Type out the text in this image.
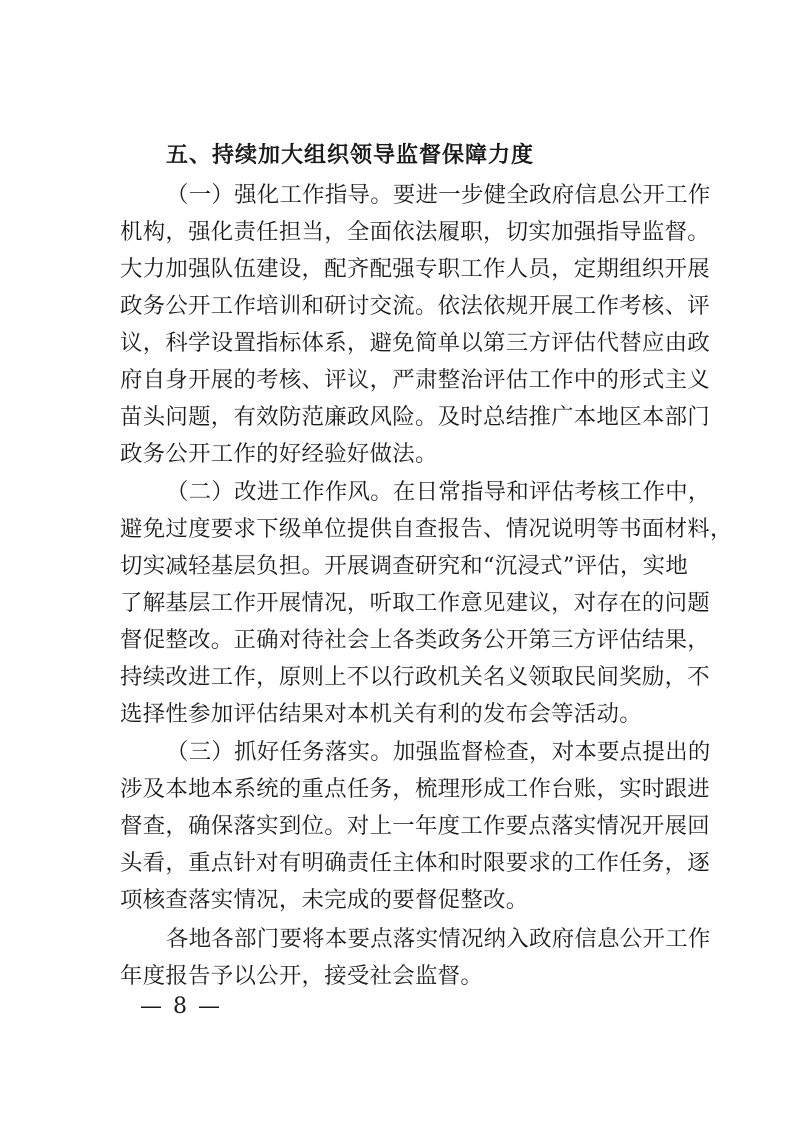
五、持续加大组织领导监督保障力度
（一）强化工作指导。要进一步健全政府信息公开工作
机构，强化责任担当，全面依法履职，切实加强指导监督。
大力加强队伍建设，配齐配强专职工作人员，定期组织开展
政务公开工作培训和研讨交流。依法依规开展工作考核、评
议，科学设置指标体系，避免简单以第三方评估代替应由政
府自身开展的考核、评议，严肃整治评估工作中的形式主义
苗头问题，有效防范廉政风险。及时总结推广本地区本部门
政务公开工作的好经验好做法。
（二）改进工作作风。在日常指导和评估考核工作中，
避免过度要求下级单位提供自查报告、情况说明等书面材料，
切实减轻基层负担。开展调查研究和“沉浸式”评估，实地
了解基层工作开展情况，听取工作意见建议，对存在的问题
督促整改。正确对待社会上各类政务公开第三方评估结果，
持续改进工作，原则上不以行政机关名义领取民间奖励，不
选择性参加评估结果对本机关有利的发布会等活动。
（三）抓好任务落实。加强监督检查，对本要点提出的
涉及本地本系统的重点任务，梳理形成工作台账，实时跟进
督查，确保落实到位。对上一年度工作要点落实情况开展回
头看，重点针对有明确责任主体和时限要求的工作任务，逐
项核查落实情况，未完成的要督促整改。
各地各部门要将本要点落实情况纳入政府信息公开工作
年度报告予以公开，接受社会监督。
— 8 —
